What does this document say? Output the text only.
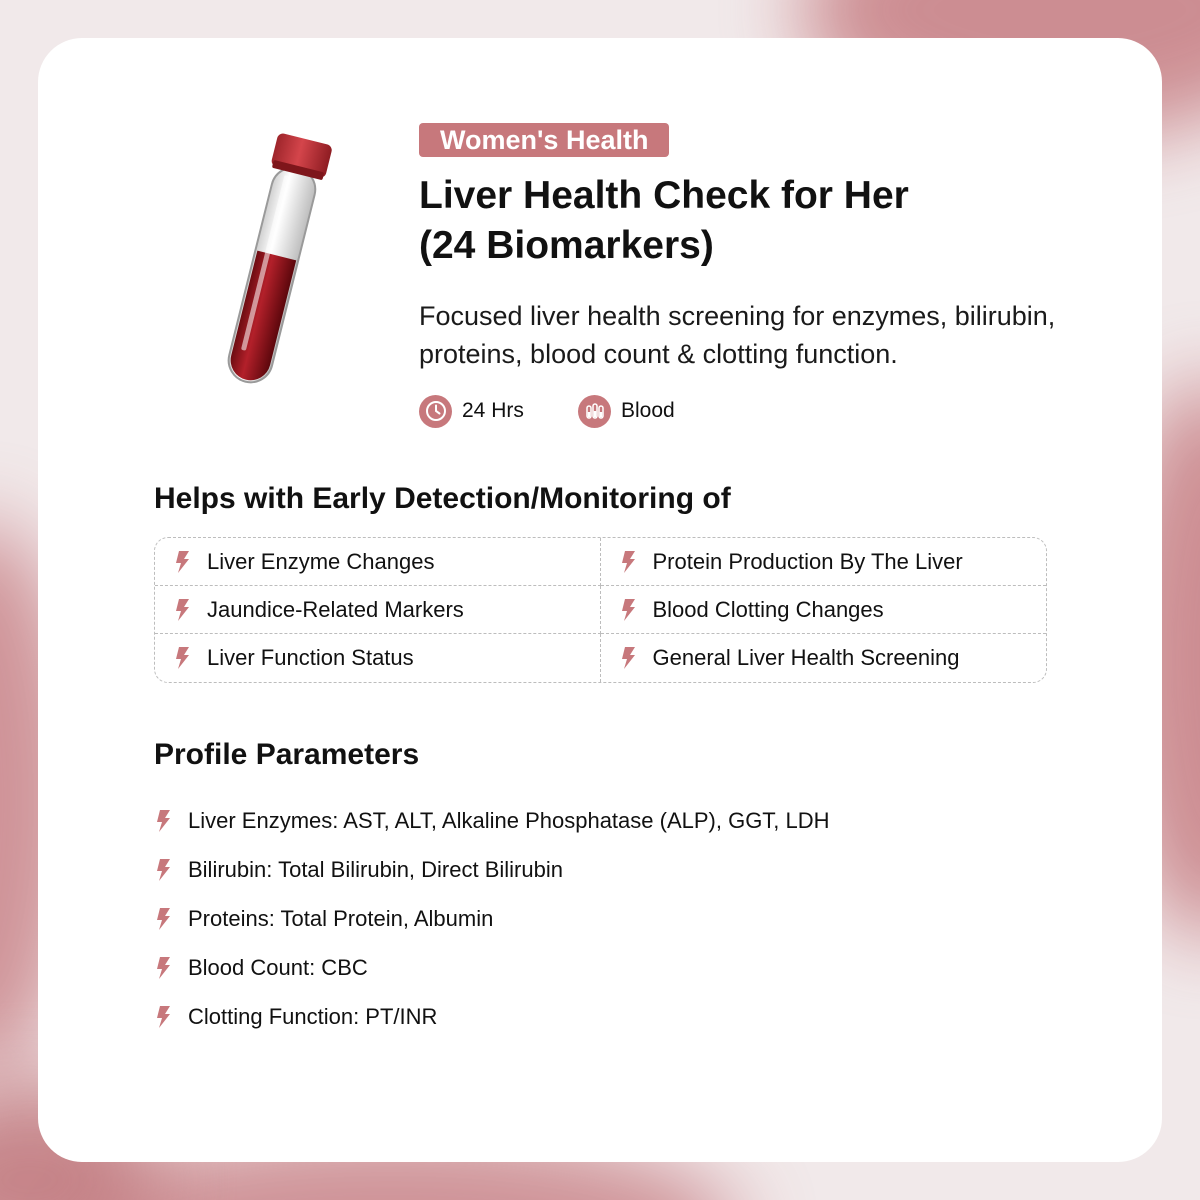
Women's Health
Liver Health Check for Her
(24 Biomarkers)

Focused liver health screening for enzymes, bilirubin,
proteins, blood count & clotting function.

24 Hrs	Blood
Helps with Early Detection/Monitoring of
Liver Enzyme Changes	Protein Production By The Liver
Jaundice-Related Markers	Blood Clotting Changes
Liver Function Status	General Liver Health Screening
Profile Parameters
Liver Enzymes: AST, ALT, Alkaline Phosphatase (ALP), GGT, LDH
Bilirubin: Total Bilirubin, Direct Bilirubin
Proteins: Total Protein, Albumin
Blood Count: CBC
Clotting Function: PT/INR
